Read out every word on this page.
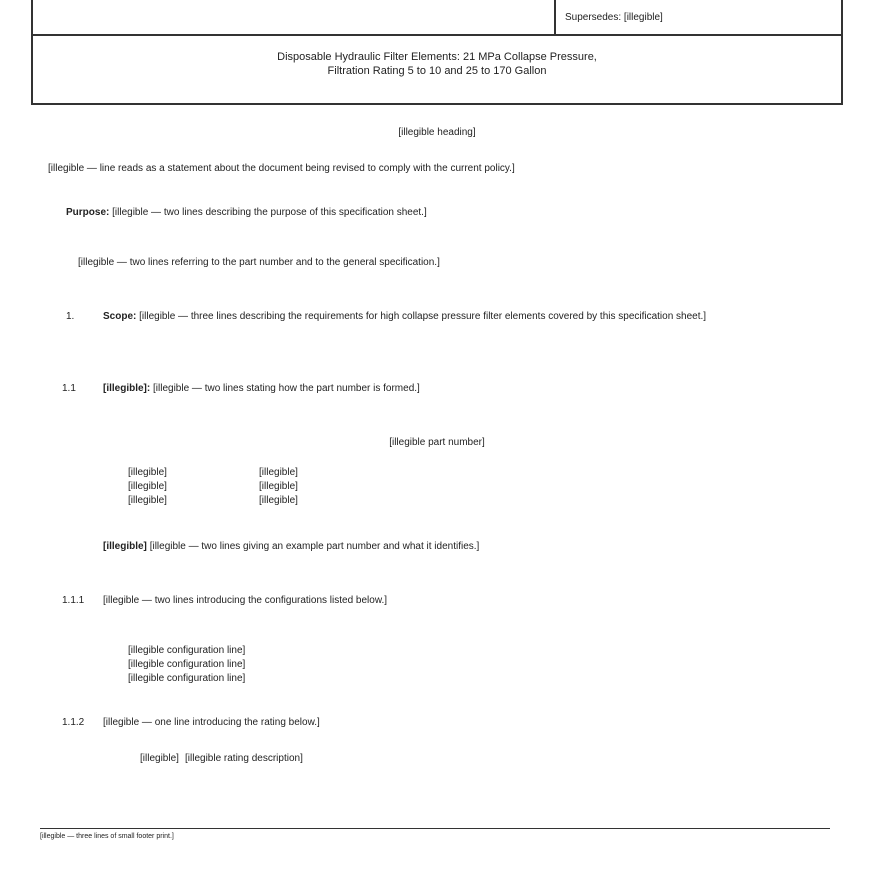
Supersedes: [illegible]
Disposable Hydraulic Filter Elements: 21 MPa Collapse Pressure,
Filtration Rating 5 to 10 and 25 to 170 Gallon
[illegible heading]
[illegible — line reads as a statement about the document being revised to comply with the current policy.]
Purpose: [illegible — two lines describing the purpose of this specification sheet.]
[illegible — two lines referring to the part number and to the general specification.]
1.	Scope: [illegible — three lines describing the requirements for high collapse pressure filter elements covered by this specification sheet.]
1.1	[illegible]: [illegible — two lines stating how the part number is formed.]
[illegible part number]
[illegible]
[illegible]
[illegible]
[illegible]
[illegible]
[illegible]
[illegible] [illegible — two lines giving an example part number and what it identifies.]
1.1.1 [illegible — two lines introducing the configurations listed below.]
[illegible configuration line]
[illegible configuration line]
[illegible configuration line]
1.1.2 [illegible — one line introducing the rating below.]
[illegible] [illegible rating description]
[illegible — three lines of small footer print.]
